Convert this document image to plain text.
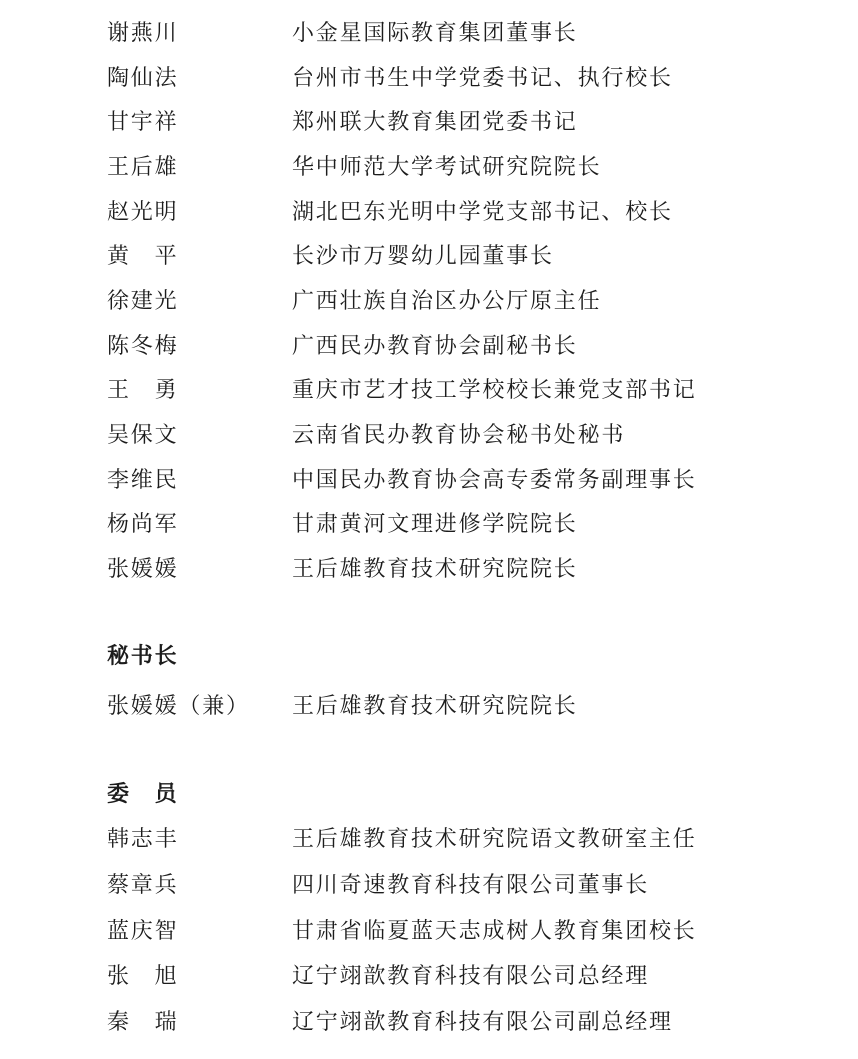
谢燕川	小金星国际教育集团董事长
陶仙法	台州市书生中学党委书记、执行校长
甘宇祥	郑州联大教育集团党委书记
王后雄	华中师范大学考试研究院院长
赵光明	湖北巴东光明中学党支部书记、校长
黄　平	长沙市万婴幼儿园董事长
徐建光	广西壮族自治区办公厅原主任
陈冬梅	广西民办教育协会副秘书长
王　勇	重庆市艺才技工学校校长兼党支部书记
吴保文	云南省民办教育协会秘书处秘书
李维民	中国民办教育协会高专委常务副理事长
杨尚军	甘肃黄河文理进修学院院长
张媛媛	王后雄教育技术研究院院长
秘书长
张媛媛（兼）	王后雄教育技术研究院院长
委　员
韩志丰	王后雄教育技术研究院语文教研室主任
蔡章兵	四川奇速教育科技有限公司董事长
蓝庆智	甘肃省临夏蓝天志成树人教育集团校长
张　旭	辽宁翊歆教育科技有限公司总经理
秦　瑞	辽宁翊歆教育科技有限公司副总经理
